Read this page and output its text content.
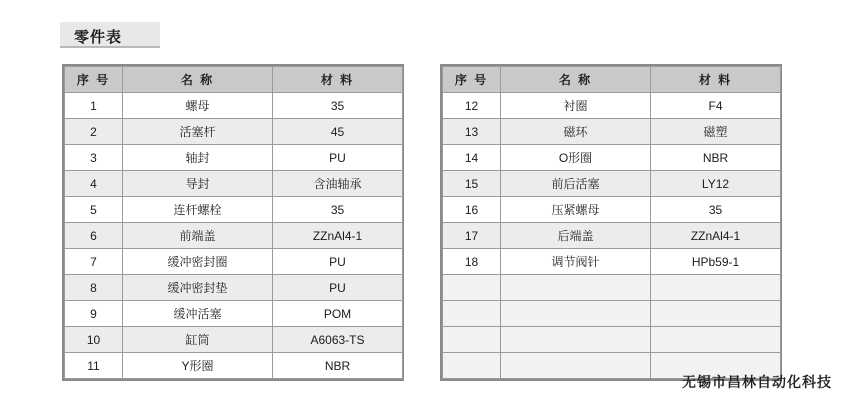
零件表
序 号	名 称	材 料
1	螺母	35
2	活塞杆	45
3	轴封	PU
4	导封	含油轴承
5	连杆螺栓	35
6	前端盖	ZZnAl4-1
7	缓冲密封圈	PU
8	缓冲密封垫	PU
9	缓冲活塞	POM
10	缸筒	A6063-TS
11	Y形圈	NBR
序 号	名 称	材 料
12	衬圈	F4
13	磁环	磁塑
14	O形圈	NBR
15	前后活塞	LY12
16	压紧螺母	35
17	后端盖	ZZnAl4-1
18	调节阀针	HPb59-1

无锡市昌林自动化科技
